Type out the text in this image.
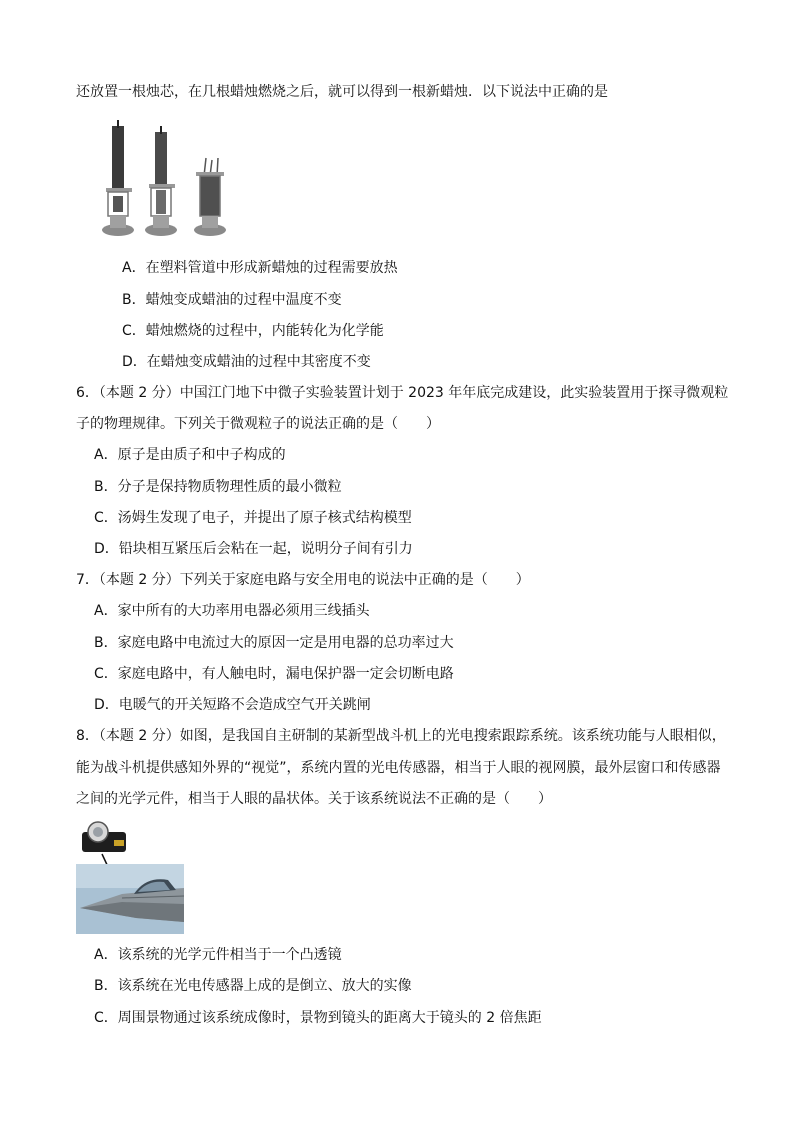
还放置一根烛芯，在几根蜡烛燃烧之后，就可以得到一根新蜡烛．以下说法中正确的是
A．在塑料管道中形成新蜡烛的过程需要放热
B．蜡烛变成蜡油的过程中温度不变
C．蜡烛燃烧的过程中，内能转化为化学能
D．在蜡烛变成蜡油的过程中其密度不变
6．（本题 2 分）中国江门地下中微子实验装置计划于 2023 年年底完成建设，此实验装置用于探寻微观粒
子的物理规律。下列关于微观粒子的说法正确的是（　　）
A．原子是由质子和中子构成的
B．分子是保持物质物理性质的最小微粒
C．汤姆生发现了电子，并提出了原子核式结构模型
D．铅块相互紧压后会粘在一起，说明分子间有引力
7．（本题 2 分）下列关于家庭电路与安全用电的说法中正确的是（　　）
A．家中所有的大功率用电器必须用三线插头
B．家庭电路中电流过大的原因一定是用电器的总功率过大
C．家庭电路中，有人触电时，漏电保护器一定会切断电路
D．电暖气的开关短路不会造成空气开关跳闸
8．（本题 2 分）如图，是我国自主研制的某新型战斗机上的光电搜索跟踪系统。该系统功能与人眼相似，
能为战斗机提供感知外界的“视觉”，系统内置的光电传感器，相当于人眼的视网膜，最外层窗口和传感器
之间的光学元件，相当于人眼的晶状体。关于该系统说法不正确的是（　　）
A．该系统的光学元件相当于一个凸透镜
B．该系统在光电传感器上成的是倒立、放大的实像
C．周围景物通过该系统成像时，景物到镜头的距离大于镜头的 2 倍焦距
